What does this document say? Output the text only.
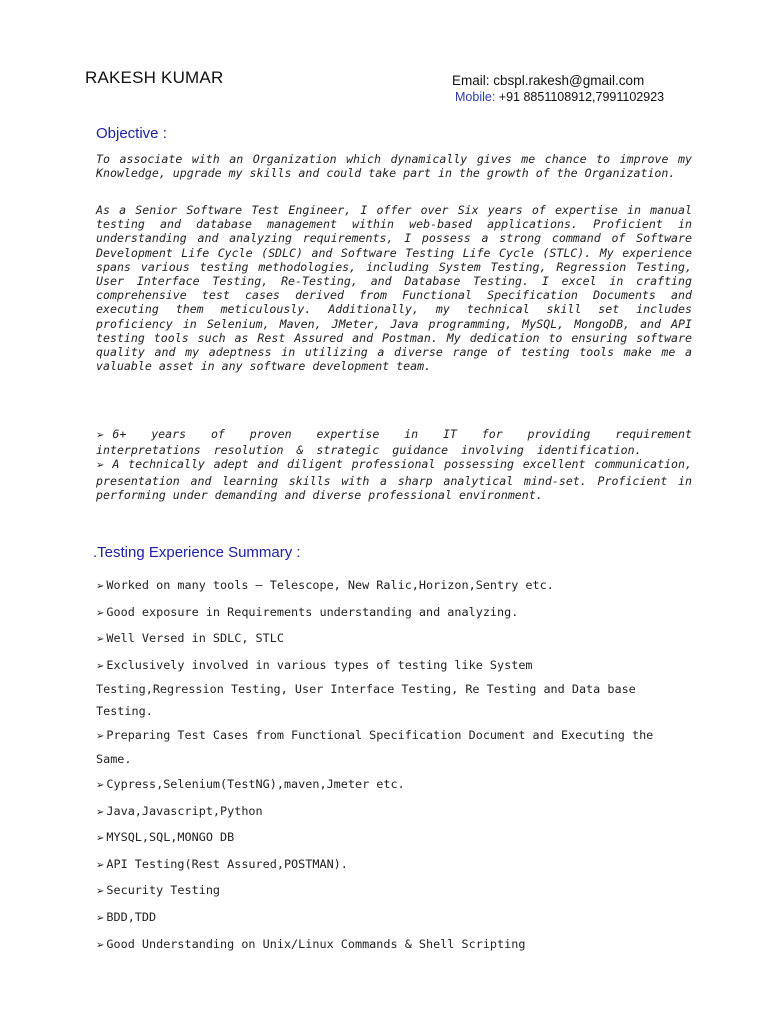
RAKESH KUMAR	Email: cbspl.rakesh@gmail.com
Mobile: +91 8851108912,7991102923
Objective :
To associate with an Organization which dynamically gives me chance to improve my Knowledge, upgrade my skills and could take part in the growth of the Organization.
As a Senior Software Test Engineer, I offer over Six years of expertise in manual testing and database management within web-based applications. Proficient in understanding and analyzing requirements, I possess a strong command of Software Development Life Cycle (SDLC) and Software Testing Life Cycle (STLC). My experience spans various testing methodologies, including System Testing, Regression Testing, User Interface Testing, Re-Testing, and Database Testing. I excel in crafting comprehensive test cases derived from Functional Specification Documents and executing them meticulously. Additionally, my technical skill set includes proficiency in Selenium, Maven, JMeter, Java programming, MySQL, MongoDB, and API testing tools such as Rest Assured and Postman. My dedication to ensuring software quality and my adeptness in utilizing a diverse range of testing tools make me a valuable asset in any software development team.
➢ 6+ years of proven expertise in IT for providing requirement interpretations resolution & strategic guidance involving identification.
➢ A technically adept and diligent professional possessing excellent communication, presentation and learning skills with a sharp analytical mind-set. Proficient in performing under demanding and diverse professional environment.
.Testing Experience Summary :
➢ Worked on many tools – Telescope, New Ralic,Horizon,Sentry etc.
➢ Good exposure in Requirements understanding and analyzing.
➢ Well Versed in SDLC, STLC
➢ Exclusively involved in various types of testing like System Testing,Regression Testing, User Interface Testing, Re Testing and Data base Testing.
➢ Preparing Test Cases from Functional Specification Document and Executing the Same.
➢ Cypress,Selenium(TestNG),maven,Jmeter etc.
➢ Java,Javascript,Python
➢ MYSQL,SQL,MONGO DB
➢ API Testing(Rest Assured,POSTMAN).
➢ Security Testing
➢ BDD,TDD
➢ Good Understanding on Unix/Linux Commands & Shell Scripting
